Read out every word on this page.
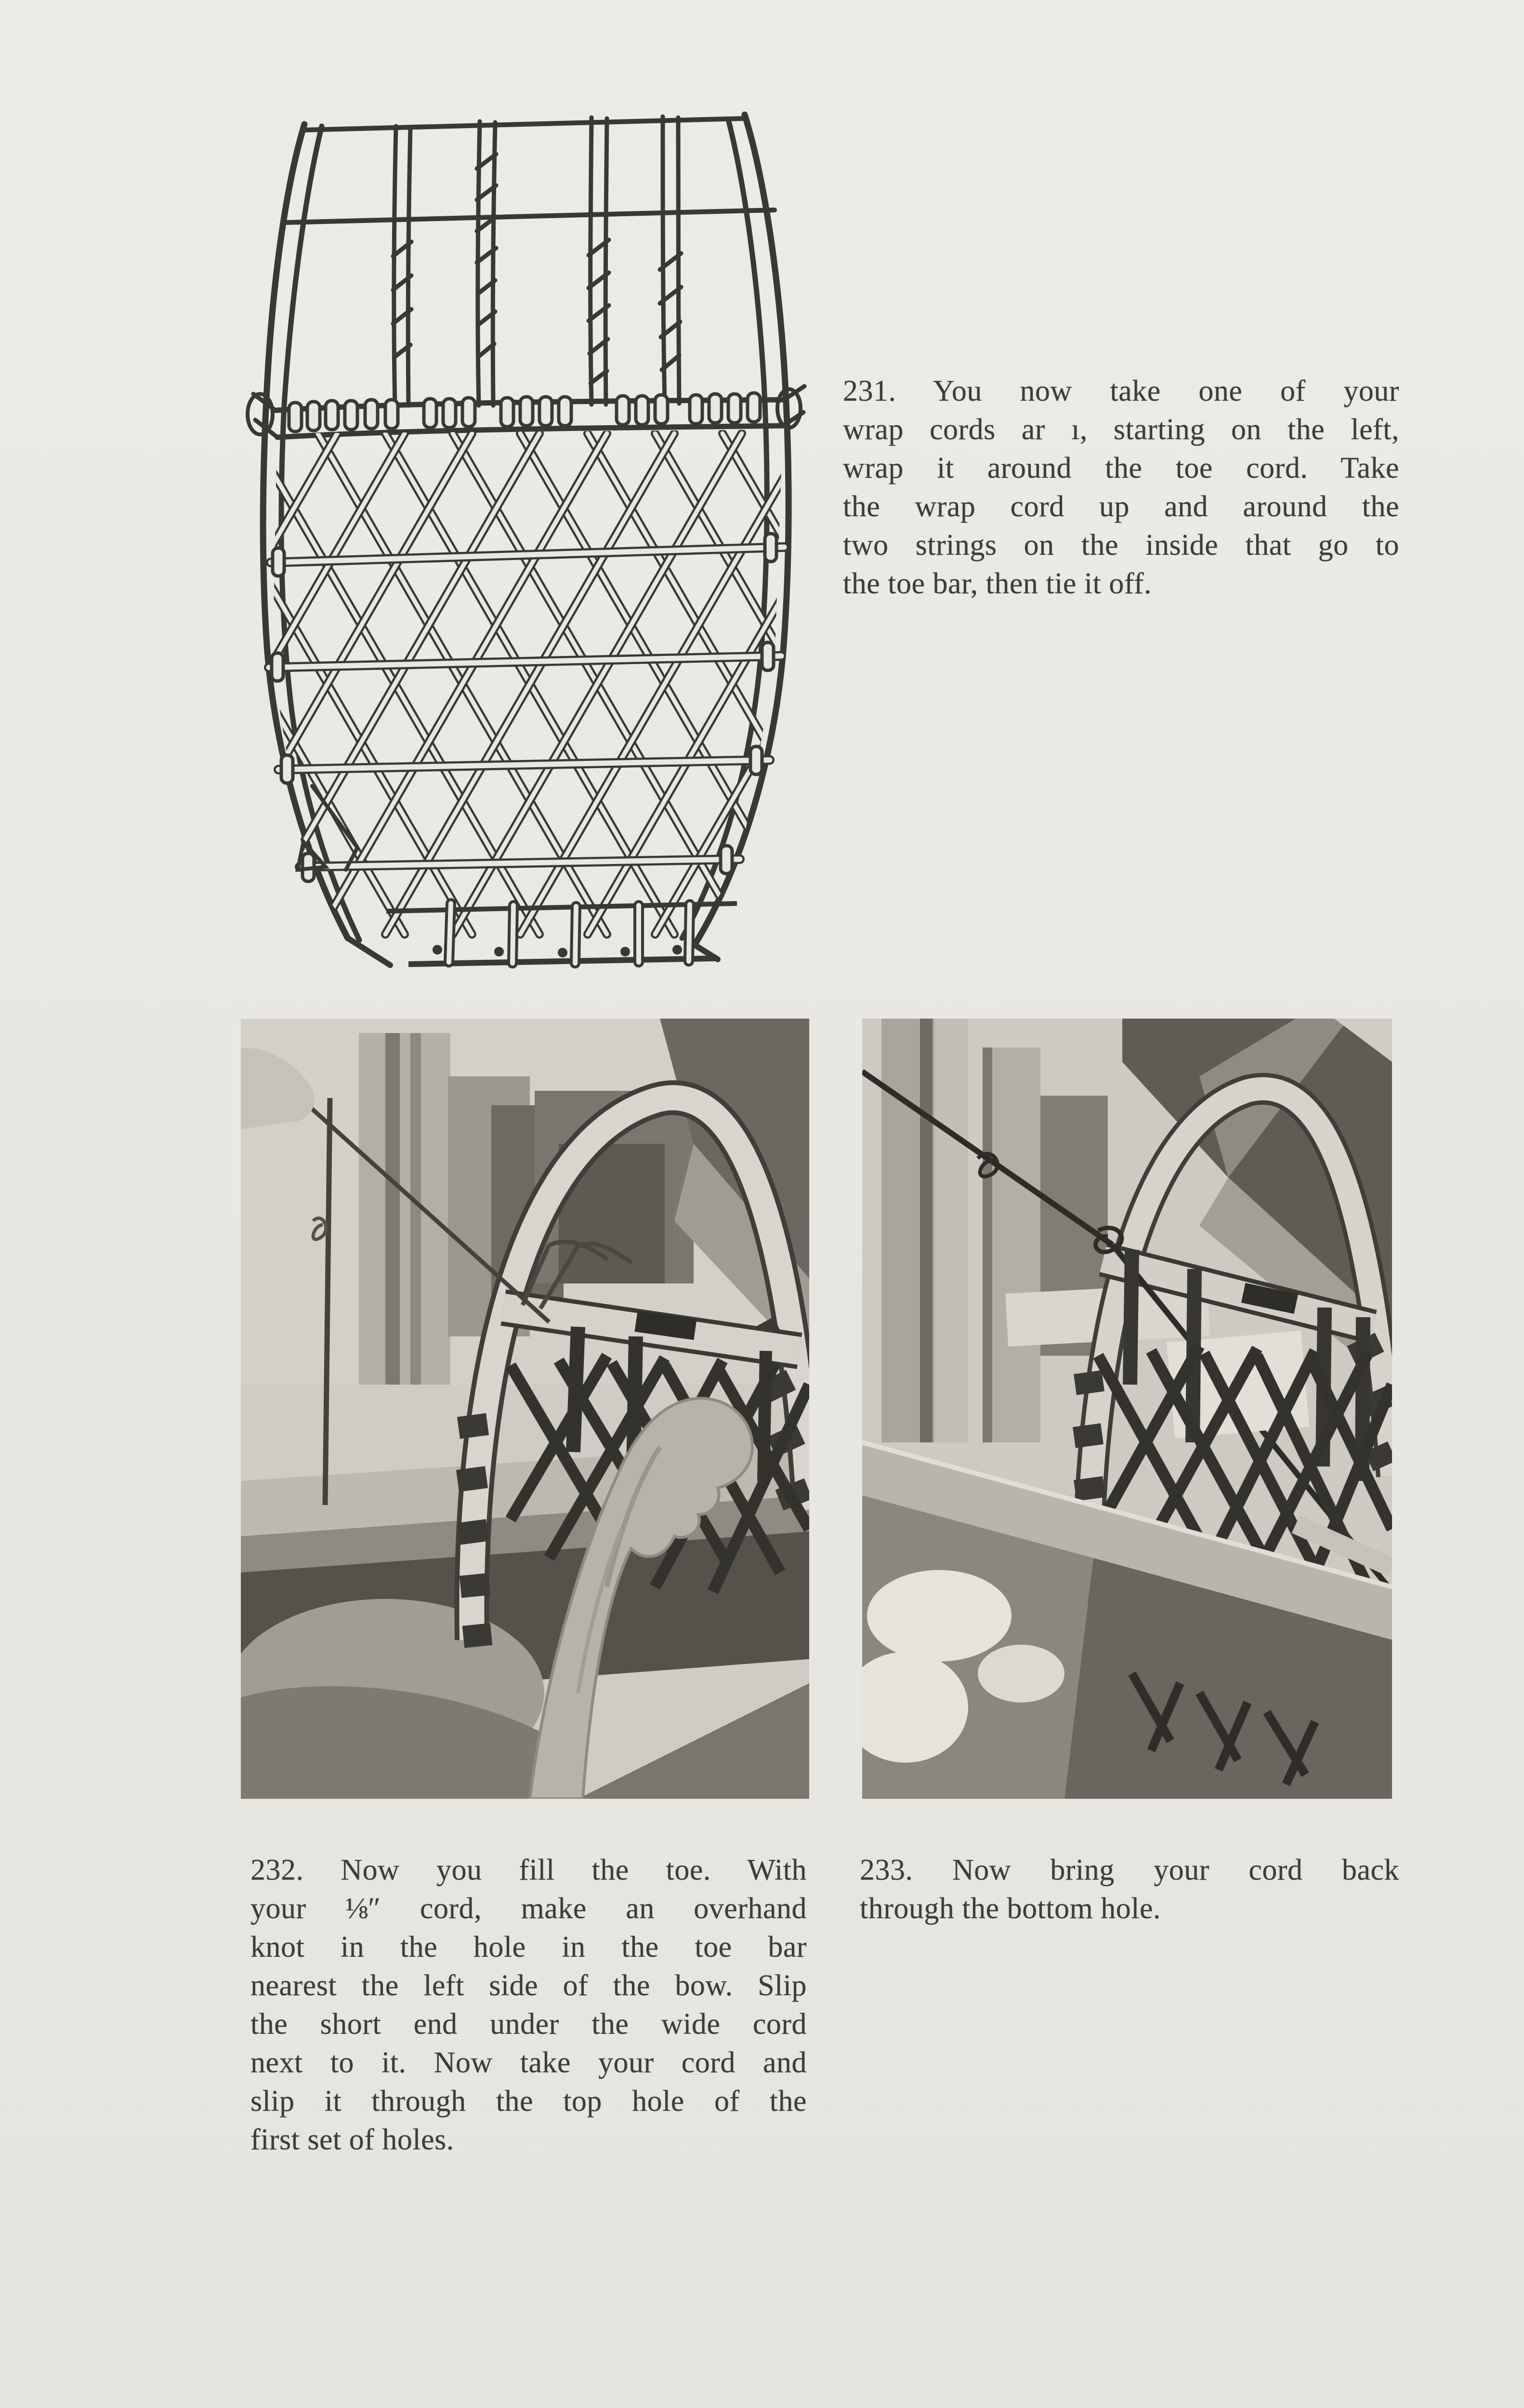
231. You now take one of your
wrap cords ar ı, starting on the left,
wrap it around the toe cord. Take
the wrap cord up and around the
two strings on the inside that go to
the toe bar, then tie it off.
232. Now you fill the toe. With
your ⅛″ cord, make an overhand
knot in the hole in the toe bar
nearest the left side of the bow. Slip
the short end under the wide cord
next to it. Now take your cord and
slip it through the top hole of the
first set of holes.
233. Now bring your cord back
through the bottom hole.
